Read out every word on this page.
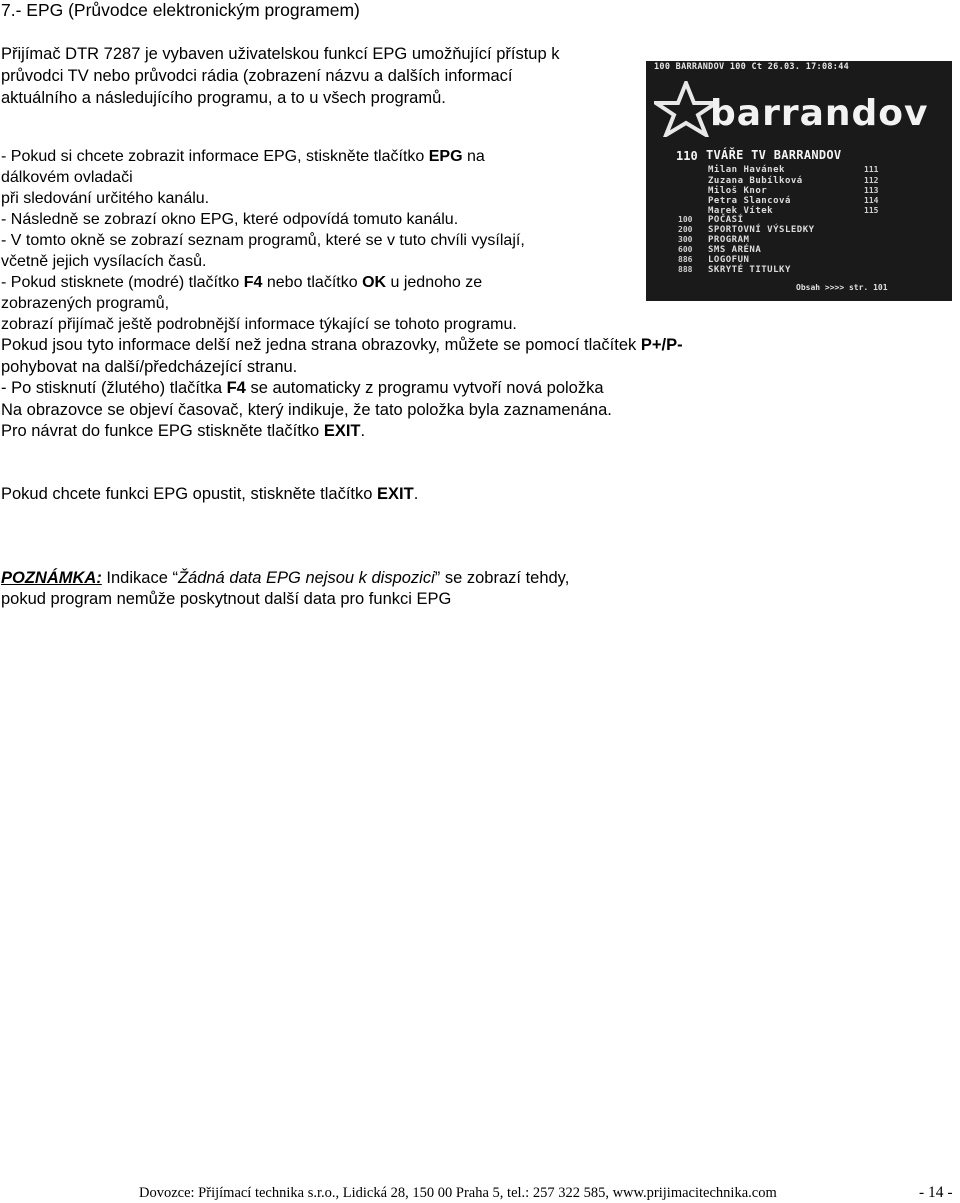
7.- EPG (Průvodce elektronickým programem)
Přijímač DTR 7287 je vybaven uživatelskou funkcí EPG umožňující přístup k
průvodci TV nebo průvodci rádia (zobrazení názvu a dalších informací
aktuálního a následujícího programu, a to u všech programů.
- Pokud si chcete zobrazit informace EPG, stiskněte tlačítko EPG na
dálkovém ovladači
při sledování určitého kanálu.
- Následně se zobrazí okno EPG, které odpovídá tomuto kanálu.
- V tomto okně se zobrazí seznam programů, které se v tuto chvíli vysílají,
včetně jejich vysílacích časů.
- Pokud stisknete (modré) tlačítko F4 nebo tlačítko OK u jednoho ze
zobrazených programů,
zobrazí přijímač ještě podrobnější informace týkající se tohoto programu.
Pokud jsou tyto informace delší než jedna strana obrazovky, můžete se pomocí tlačítek P+/P-
pohybovat na další/předcházející stranu.
- Po stisknutí (žlutého) tlačítka F4 se automaticky z programu vytvoří nová položka
Na obrazovce se objeví časovač, který indikuje, že tato položka byla zaznamenána.
Pro návrat do funkce EPG stiskněte tlačítko EXIT.
Pokud chcete funkci EPG opustit, stiskněte tlačítko EXIT.
POZNÁMKA: Indikace “Žádná data EPG nejsou k dispozici” se zobrazí tehdy,
pokud program nemůže poskytnout další data pro funkci EPG
100 BARRANDOV 100 Ct 26.03. 17:08:44
barrandov
110 TVÁŘE TV BARRANDOV
Milan Havánek	111
Zuzana Bubílková	112
Miloš Knor	113
Petra Slancová	114
Marek Vítek	115
100 POČASÍ
200 SPORTOVNÍ VÝSLEDKY
300 PROGRAM
600 SMS ARÉNA
886 LOGOFUN
888 SKRYTÉ TITULKY
Obsah >>>> str. 101
Dovozce: Přijímací technika s.r.o., Lidická 28, 150 00 Praha 5, tel.: 257 322 585, www.prijimacitechnika.com	- 14 -
